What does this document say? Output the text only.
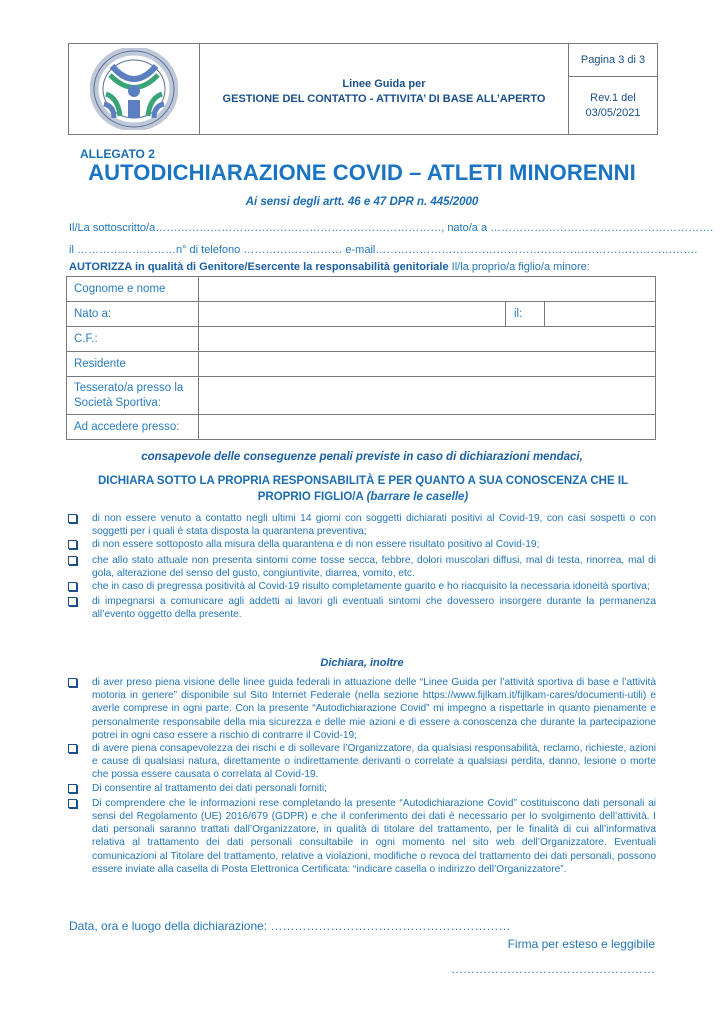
Linee Guida per
GESTIONE DEL CONTATTO - ATTIVITA’ DI BASE ALL’APERTO
Pagina 3 di 3
Rev.1 del
03/05/2021
ALLEGATO 2
AUTODICHIARAZIONE COVID – ATLETI MINORENNI
Ai sensi degli artt. 46 e 47 DPR n. 445/2000
Il/La sottoscritto/a……………………………………………………………………, nato/a a …………………………………………………….
il ………………………n° di telefono ……………………… e-mail…………………………………………………………………………….
AUTORIZZA in qualità di Genitore/Esercente la responsabilità genitoriale Il/la proprio/a figlio/a minore:
Cognome e nome			
Nato a:		il:	
C.F.:			
Residente			
Tesserato/a presso la Società Sportiva:			
Ad accedere presso:			
consapevole delle conseguenze penali previste in caso di dichiarazioni mendaci,
DICHIARA SOTTO LA PROPRIA RESPONSABILITÀ E PER QUANTO A SUA CONOSCENZA CHE IL PROPRIO FIGLIO/A (barrare le caselle)
di non essere venuto a contatto negli ultimi 14 giorni con soggetti dichiarati positivi al Covid-19, con casi sospetti o con soggetti per i quali è stata disposta la quarantena preventiva;
di non essere sottoposto alla misura della quarantena e di non essere risultato positivo al Covid-19;
che allo stato attuale non presenta sintomi come tosse secca, febbre, dolori muscolari diffusi, mal di testa, rinorrea, mal di gola, alterazione del senso del gusto, congiuntivite, diarrea, vomito, etc.
che in caso di pregressa positività al Covid-19 risulto completamente guarito e ho riacquisito la necessaria idoneità sportiva;
di impegnarsi a comunicare agli addetti ai lavori gli eventuali sintomi che dovessero insorgere durante la permanenza all’evento oggetto della presente.
Dichiara, inoltre
di aver preso piena visione delle linee guida federali in attuazione delle “Linee Guida per l’attività sportiva di base e l’attività motoria in genere” disponibile sul Sito Internet Federale (nella sezione https://www.fijlkam.it/fijlkam-cares/documenti-utili) e averle comprese in ogni parte. Con la presente “Autodichiarazione Covid” mi impegno a rispettarle in quanto pienamente e personalmente responsabile della mia sicurezza e delle mie azioni e di essere a conoscenza che durante la partecipazione potrei in ogni caso essere a rischio di contrarre il Covid-19;
di avere piena consapevolezza dei rischi e di sollevare l’Organizzatore, da qualsiasi responsabilità, reclamo, richieste, azioni e cause di qualsiasi natura, direttamente o indirettamente derivanti o correlate a qualsiasi perdita, danno, lesione o morte che possa essere causata o correlata al Covid-19.
Di consentire al trattamento dei dati personali forniti;
Di comprendere che le informazioni rese completando la presente “Autodichiarazione Covid” costituiscono dati personali ai sensi del Regolamento (UE) 2016/679 (GDPR) e che il conferimento dei dati è necessario per lo svolgimento dell’attività. I dati personali saranno trattati dall’Organizzatore, in qualità di titolare del trattamento, per le finalità di cui all’informativa relativa al trattamento dei dati personali consultabile in ogni momento nel sito web dell’Organizzatore. Eventuali comunicazioni al Titolare del trattamento, relative a violazioni, modifiche o revoca del trattamento dei dati personali, possono essere inviate alla casella di Posta Elettronica Certificata: “indicare casella o indirizzo dell’Organizzatore”.
Data, ora e luogo della dichiarazione: ……………………………………………………
Firma per esteso e leggibile
……………………………………………
